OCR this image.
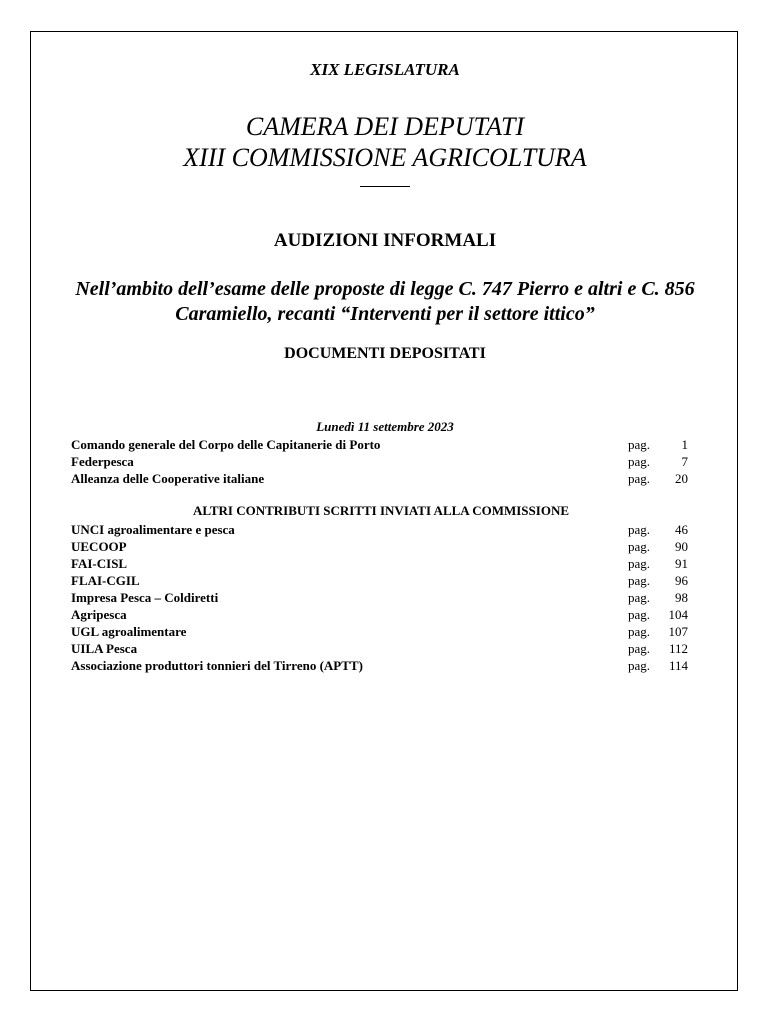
XIX LEGISLATURA
CAMERA DEI DEPUTATI
XIII COMMISSIONE AGRICOLTURA
AUDIZIONI INFORMALI
Nell’ambito dell’esame delle proposte di legge C. 747 Pierro e altri e C. 856
Caramiello, recanti “Interventi per il settore ittico”
DOCUMENTI DEPOSITATI
Lunedì 11 settembre 2023
Comando generale del Corpo delle Capitanerie di Porto	pag. 1
Federpesca	pag. 7
Alleanza delle Cooperative italiane	pag. 20
ALTRI CONTRIBUTI SCRITTI INVIATI ALLA COMMISSIONE
UNCI agroalimentare e pesca	pag. 46
UECOOP	pag. 90
FAI-CISL	pag. 91
FLAI-CGIL	pag. 96
Impresa Pesca – Coldiretti	pag. 98
Agripesca	pag. 104
UGL agroalimentare	pag. 107
UILA Pesca	pag. 112
Associazione produttori tonnieri del Tirreno (APTT)	pag. 114
